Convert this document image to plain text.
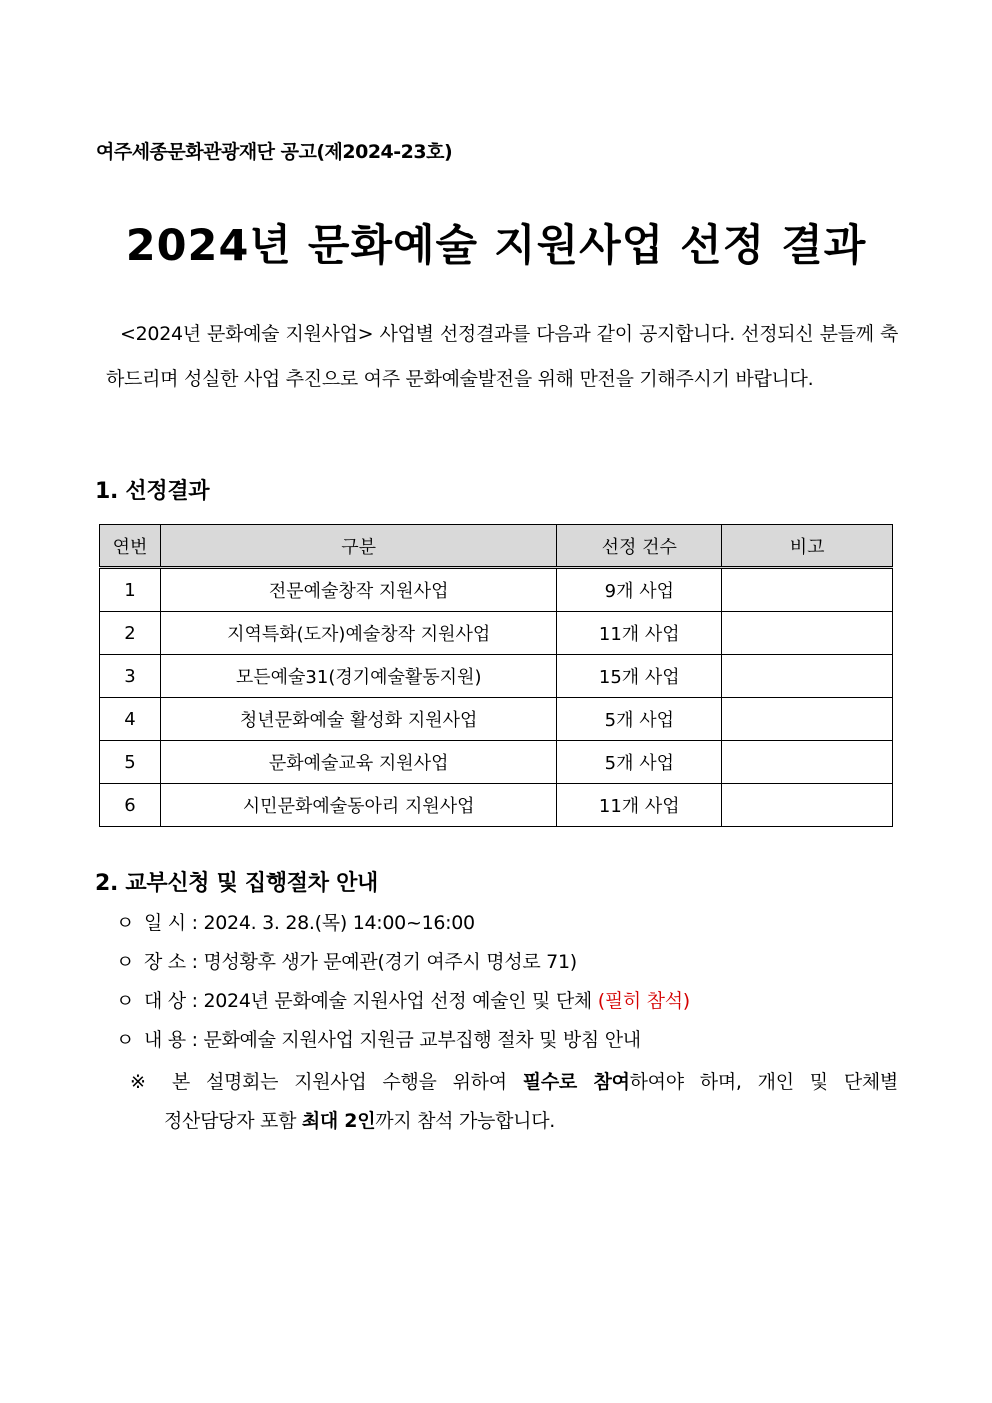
여주세종문화관광재단 공고(제2024-23호)
2024년 문화예술 지원사업 선정 결과
<2024년 문화예술 지원사업> 사업별 선정결과를 다음과 같이 공지합니다. 선정되신 분들께 축하드리며 성실한 사업 추진으로 여주 문화예술발전을 위해 만전을 기해주시기 바랍니다.
1. 선정결과
연번	구분	선정 건수	비고
1	전문예술창작 지원사업	9개 사업	
2	지역특화(도자)예술창작 지원사업	11개 사업	
3	모든예술31(경기예술활동지원)	15개 사업	
4	청년문화예술 활성화 지원사업	5개 사업	
5	문화예술교육 지원사업	5개 사업	
6	시민문화예술동아리 지원사업	11개 사업	
2. 교부신청 및 집행절차 안내
ㅇ 일 시 : 2024. 3. 28.(목) 14:00~16:00
ㅇ 장 소 : 명성황후 생가 문예관(경기 여주시 명성로 71)
ㅇ 대 상 : 2024년 문화예술 지원사업 선정 예술인 및 단체 (필히 참석)
ㅇ 내 용 : 문화예술 지원사업 지원금 교부집행 절차 및 방침 안내
※ 본 설명회는 지원사업 수행을 위하여 필수로 참여하여야 하며, 개인 및 단체별
정산담당자 포함 최대 2인까지 참석 가능합니다.
